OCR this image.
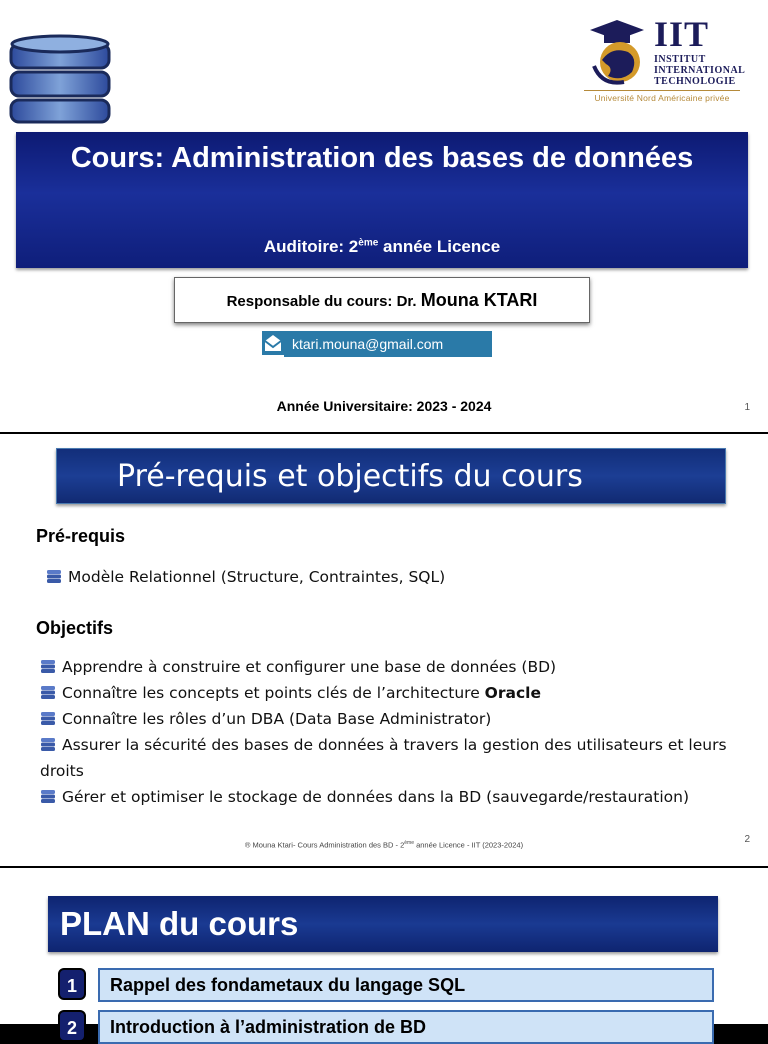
IIT
INSTITUT
INTERNATIONAL
TECHNOLOGIE
Université Nord Américaine privée
Cours: Administration des bases de données
Auditoire: 2ème année Licence
Responsable du cours: Dr. Mouna KTARI
ktari.mouna@gmail.com
Année Universitaire: 2023 - 2024	1
Pré-requis et objectifs du cours
Pré-requis
Modèle Relationnel (Structure, Contraintes, SQL)
Objectifs
Apprendre à construire et configurer une base de données (BD)
Connaître les concepts et points clés de l’architecture Oracle
Connaître les rôles d’un DBA (Data Base Administrator)
Assurer la sécurité des bases de données à travers la gestion des utilisateurs et leurs droits
Gérer et optimiser le stockage de données dans la BD (sauvegarde/restauration)
® Mouna Ktari- Cours Administration des BD - 2ème année Licence - IIT (2023-2024)	2
PLAN du cours
1	Rappel des fondametaux du langage SQL
2	Introduction à l’administration de BD
